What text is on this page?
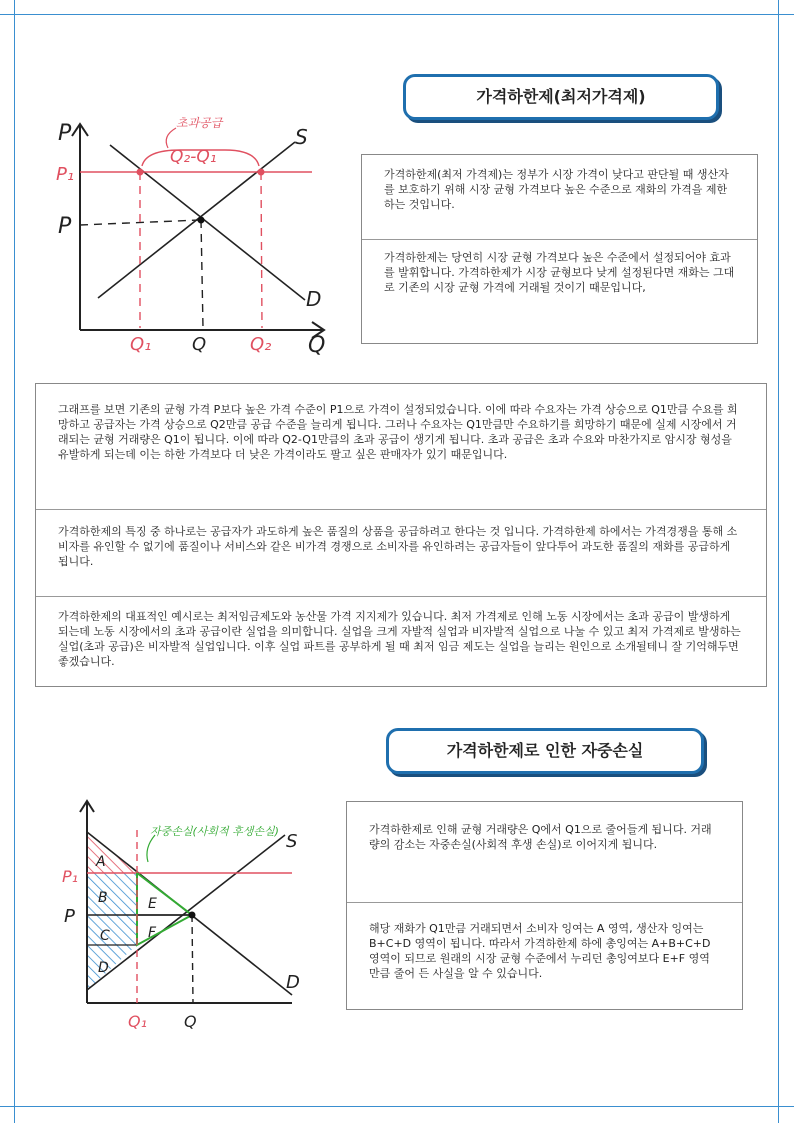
가격하한제(최저가격제)
초과공급
Q₂-Q₁
P
P₁
P
S
D
Q₁ Q Q₂ Q

가격하한제(최저 가격제)는 정부가 시장 가격이 낮다고 판단될 때 생산자를 보호하기 위해 시장 균형 가격보다 높은 수준으로 재화의 가격을 제한하는 것입니다.

가격하한제는 당연히 시장 균형 가격보다 높은 수준에서 설정되어야 효과를 발휘합니다. 가격하한제가 시장 균형보다 낮게 설정된다면 재화는 그대로 기존의 시장 균형 가격에 거래될 것이기 때문입니다,

그래프를 보면 기존의 균형 가격 P보다 높은 가격 수준이 P1으로 가격이 설정되었습니다. 이에 따라 수요자는 가격 상승으로 Q1만큼 수요를 희망하고 공급자는 가격 상승으로 Q2만큼 공급 수준을 늘리게 됩니다. 그러나 수요자는 Q1만큼만 수요하기를 희망하기 때문에 실제 시장에서 거래되는 균형 거래량은 Q1이 됩니다. 이에 따라 Q2-Q1만큼의 초과 공급이 생기게 됩니다. 초과 공급은 초과 수요와 마찬가지로 암시장 형성을 유발하게 되는데 이는 하한 가격보다 더 낮은 가격이라도 팔고 싶은 판매자가 있기 때문입니다.

가격하한제의 특징 중 하나로는 공급자가 과도하게 높은 품질의 상품을 공급하려고 한다는 것 입니다. 가격하한제 하에서는 가격경쟁을 통해 소비자를 유인할 수 없기에 품질이나 서비스와 같은 비가격 경쟁으로 소비자를 유인하려는 공급자들이 앞다투어 과도한 품질의 재화를 공급하게 됩니다.

가격하한제의 대표적인 예시로는 최저임금제도와 농산물 가격 지지제가 있습니다. 최저 가격제로 인해 노동 시장에서는 초과 공급이 발생하게 되는데 노동 시장에서의 초과 공급이란 실업을 의미합니다. 실업을 크게 자발적 실업과 비자발적 실업으로 나눌 수 있고 최저 가격제로 발생하는 실업(초과 공급)은 비자발적 실업입니다. 이후 실업 파트를 공부하게 될 때 최저 임금 제도는 실업을 늘리는 원인으로 소개될테니 잘 기억해두면 좋겠습니다.

가격하한제로 인한 자중손실
자중손실(사회적 후생손실) S
D
P₁
P
A
B
C
D
E
F
Q₁ Q

가격하한제로 인해 균형 거래량은 Q에서 Q1으로 줄어들게 됩니다. 거래량의 감소는 자중손실(사회적 후생 손실)로 이어지게 됩니다.

해당 재화가 Q1만큼 거래되면서 소비자 잉여는 A 영역, 생산자 잉여는 B+C+D 영역이 됩니다. 따라서 가격하한제 하에 총잉여는 A+B+C+D 영역이 되므로 원래의 시장 균형 수준에서 누리던 총잉여보다 E+F 영역만큼 줄어 든 사실을 알 수 있습니다.
